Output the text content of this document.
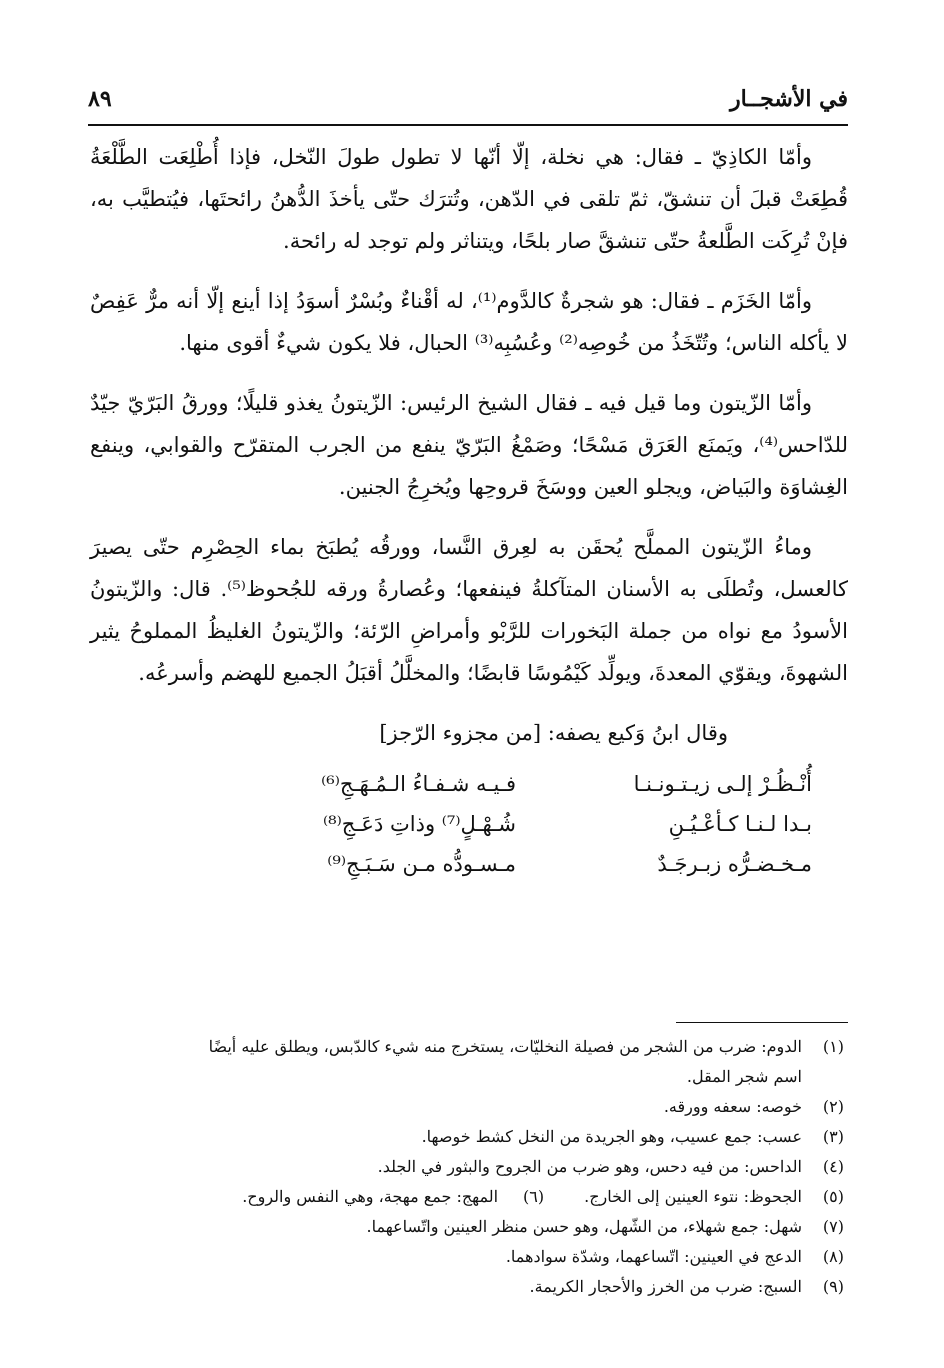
في الأشجــار
٨٩

وأمّا الكاذِيّ ـ فقال: هي نخلة، إلّا أنّها لا تطول طولَ النّخل، فإذا أُطْلِعَت الطَّلْعَةُ قُطِعَتْ قبلَ أن تنشقّ، ثمّ تلقى في الدّهن، وتُترَك حتّى يأخذَ الدُّهنُ رائحتَها، فيُتطيَّب به، فإنْ تُرِكَت الطَّلعةُ حتّى تنشقَّ صار بلحًا، ويتناثر ولم توجد له رائحة.

وأمّا الخَزَم ـ فقال: هو شجرةٌ كالدَّوم⁽¹⁾، له أقْناءٌ وبُسْرٌ أسوَدُ إذا أينع إلّا أنه مرٌّ عَفِصٌ لا يأكله الناس؛ وتُتّخَذُ من خُوصِه⁽²⁾ وعُسُبِه⁽³⁾ الحبال، فلا يكون شيءٌ أقوى منها.

وأمّا الزّيتون وما قيل فيه ـ فقال الشيخ الرئيس: الزّيتونُ يغذو قليلًا؛ وورقُ البَرّيّ جيّدٌ للدّاحس⁽⁴⁾، ويَمنَع العَرَق مَسْحًا؛ وصَمْغُ البَرّيّ ينفع من الجرب المتقرّح والقوابي، وينفع الغِشاوَة والبَياض، ويجلو العين ووسَخَ قروحِها ويُخرِجُ الجنين.

وماءُ الزّيتون المملَّح يُحقَن به لعِرق النَّسا، وورقُه يُطبَخ بماء الحِصْرِم حتّى يصيرَ كالعسل، وتُطلَى به الأسنان المتآكلةُ فينفعها؛ وعُصارةُ ورقه للجُحوظ⁽⁵⁾. قال: والزّيتونُ الأسودُ مع نواه من جملة البَخورات للرَّبْو وأمراضِ الرّئة؛ والزّيتونُ الغليظُ المملوحُ يثير الشهوةَ، ويقوّي المعدةَ، ويولِّد كَيْمُوسًا قابضًا؛ والمخلَّلُ أقبَلُ الجميع للهضم وأسرعُه.

وقال ابنُ وَكيع يصفه: [من مجزوء الرّجز]
أُنْـظُـرْ إلـى زيـتـونـنـا
فـيـه شـفـاءُ الـمُـهَـجِ⁽⁶⁾
بـدا لـنـا كـأعْـيُـنِ
شُـهْـلٍ⁽⁷⁾ وذاتِ دَعَـجِ⁽⁸⁾
مـخـضـرُّه زبـرجَـدٌ
مـسـودُّه مـن سَـبَـجِ⁽⁹⁾
(١)
الدوم: ضرب من الشجر من فصيلة النخليّات، يستخرج منه شيء كالدّبس، ويطلق عليه أيضًا
اسم شجر المقل.
(٢)
خوصه: سعفه وورقه.
(٣)
عسب: جمع عسيب، وهو الجريدة من النخل كشط خوصها.
(٤)
الداحس: من فيه دحس، وهو ضرب من الجروح والبثور في الجلد.
(٥)
الجحوظ: نتوء العينين إلى الخارج.
(٦)
المهج: جمع مهجة، وهي النفس والروح.
(٧)
شهل: جمع شهلاء، من الشّهل، وهو حسن منظر العينين واتّساعهما.
(٨)
الدعج في العينين: اتّساعهما، وشدّة سوادهما.
(٩)
السبج: ضرب من الخرز والأحجار الكريمة.
